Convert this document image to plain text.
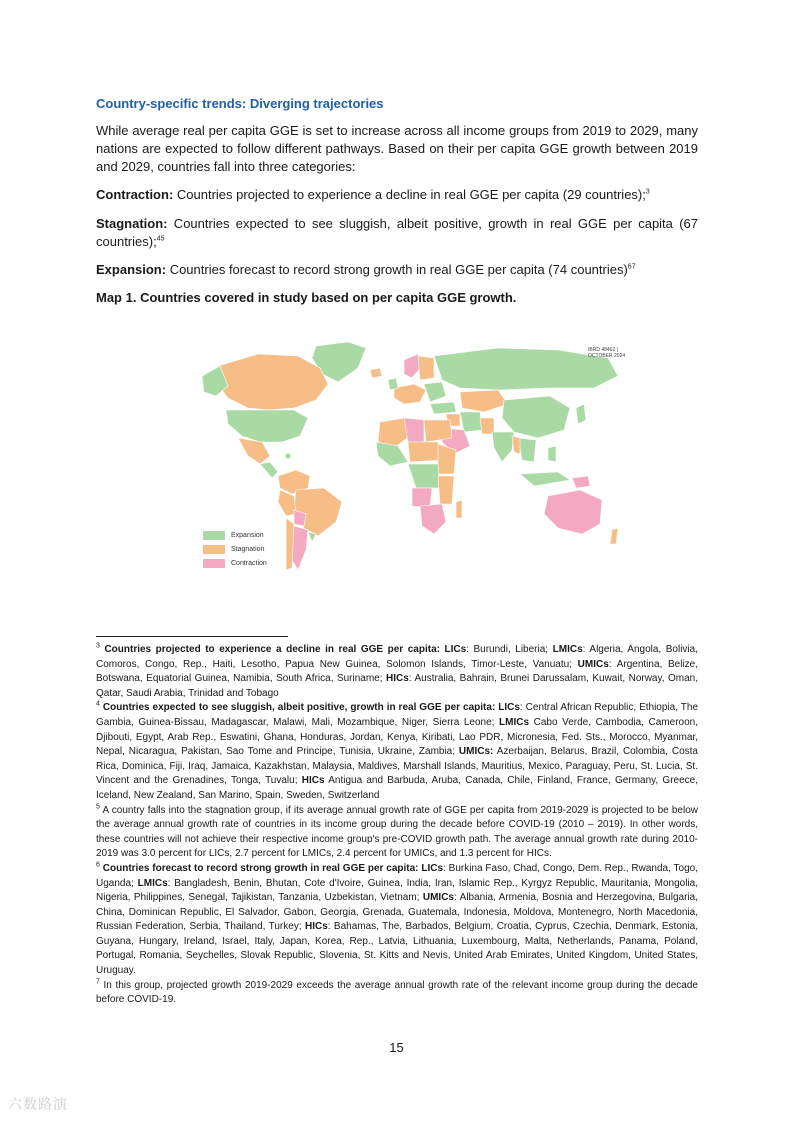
Country-specific trends: Diverging trajectories
While average real per capita GGE is set to increase across all income groups from 2019 to 2029, many nations are expected to follow different pathways. Based on their per capita GGE growth between 2019 and 2029, countries fall into three categories:
Contraction: Countries projected to experience a decline in real GGE per capita (29 countries);$^3$
Stagnation: Countries expected to see sluggish, albeit positive, growth in real GGE per capita (67 countries);$^{45}$
Expansion: Countries forecast to record strong growth in real GGE per capita (74 countries)$^{67}$
Map 1. Countries covered in study based on per capita GGE growth.
IBRD 48462 |
OCTOBER 2024
Expansion
Stagnation
Contraction

$^3$ Countries projected to experience a decline in real GGE per capita: LICs: Burundi, Liberia; LMICs: Algeria, Angola, Bolivia, Comoros, Congo, Rep., Haiti, Lesotho, Papua New Guinea, Solomon Islands, Timor-Leste, Vanuatu; UMICs: Argentina, Belize, Botswana, Equatorial Guinea, Namibia, South Africa, Suriname; HICs: Australia, Bahrain, Brunei Darussalam, Kuwait, Norway, Oman, Qatar, Saudi Arabia, Trinidad and Tobago

$^4$ Countries expected to see sluggish, albeit positive, growth in real GGE per capita: LICs: Central African Republic, Ethiopia, The Gambia, Guinea-Bissau, Madagascar, Malawi, Mali, Mozambique, Niger, Sierra Leone; LMICs Cabo Verde, Cambodia, Cameroon, Djibouti, Egypt, Arab Rep., Eswatini, Ghana, Honduras, Jordan, Kenya, Kiribati, Lao PDR, Micronesia, Fed. Sts., Morocco, Myanmar, Nepal, Nicaragua, Pakistan, Sao Tome and Principe, Tunisia, Ukraine, Zambia; UMICs: Azerbaijan, Belarus, Brazil, Colombia, Costa Rica, Dominica, Fiji, Iraq, Jamaica, Kazakhstan, Malaysia, Maldives, Marshall Islands, Mauritius, Mexico, Paraguay, Peru, St. Lucia, St. Vincent and the Grenadines, Tonga, Tuvalu; HICs Antigua and Barbuda, Aruba, Canada, Chile, Finland, France, Germany, Greece, Iceland, New Zealand, San Marino, Spain, Sweden, Switzerland

$^5$ A country falls into the stagnation group, if its average annual growth rate of GGE per capita from 2019-2029 is projected to be below the average annual growth rate of countries in its income group during the decade before COVID-19 (2010 – 2019). In other words, these countries will not achieve their respective income group's pre-COVID growth path. The average annual growth rate during 2010-2019 was 3.0 percent for LICs, 2.7 percent for LMICs, 2.4 percent for UMICs, and 1.3 percent for HICs.

$^6$ Countries forecast to record strong growth in real GGE per capita: LICs: Burkina Faso, Chad, Congo, Dem. Rep., Rwanda, Togo, Uganda; LMICs: Bangladesh, Benin, Bhutan, Cote d'Ivoire, Guinea, India, Iran, Islamic Rep., Kyrgyz Republic, Mauritania, Mongolia, Nigeria, Philippines, Senegal, Tajikistan, Tanzania, Uzbekistan, Vietnam; UMICs: Albania, Armenia, Bosnia and Herzegovina, Bulgaria, China, Dominican Republic, El Salvador, Gabon, Georgia, Grenada, Guatemala, Indonesia, Moldova, Montenegro, North Macedonia, Russian Federation, Serbia, Thailand, Turkey; HICs: Bahamas, The, Barbados, Belgium, Croatia, Cyprus, Czechia, Denmark, Estonia, Guyana, Hungary, Ireland, Israel, Italy, Japan, Korea, Rep., Latvia, Lithuania, Luxembourg, Malta, Netherlands, Panama, Poland, Portugal, Romania, Seychelles, Slovak Republic, Slovenia, St. Kitts and Nevis, United Arab Emirates, United Kingdom, United States, Uruguay.

$^7$ In this group, projected growth 2019-2029 exceeds the average annual growth rate of the relevant income group during the decade before COVID-19.

15
六数路演
